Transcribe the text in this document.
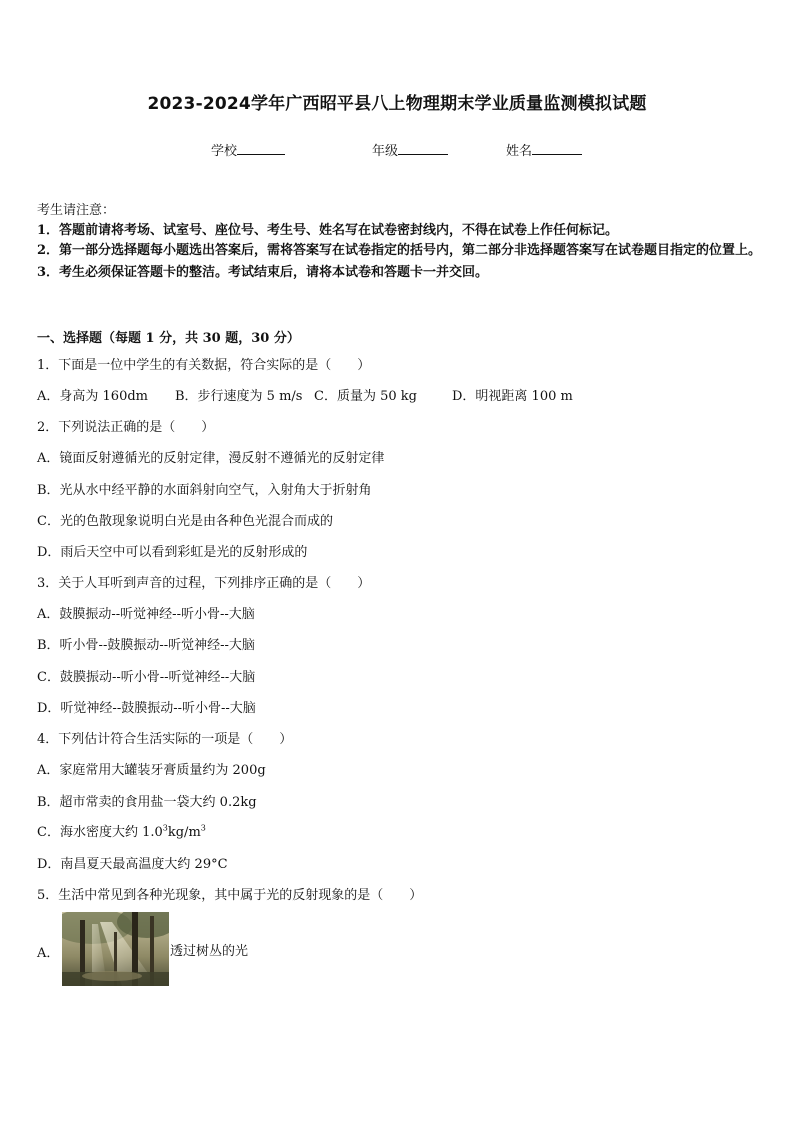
2023-2024学年广西昭平县八上物理期末学业质量监测模拟试题
学校	年级	姓名

考生请注意：

1．答题前请将考场、试室号、座位号、考生号、姓名写在试卷密封线内，不得在试卷上作任何标记。

2．第一部分选择题每小题选出答案后，需将答案写在试卷指定的括号内，第二部分非选择题答案写在试卷题目指定的位置上。

3．考生必须保证答题卡的整洁。考试结束后，请将本试卷和答题卡一并交回。

一、选择题（每题 1 分，共 30 题，30 分）
1．下面是一位中学生的有关数据，符合实际的是（　　）
A．身高为 160dm B．步行速度为 5 m/s C．质量为 50 kg	D．明视距离 100 m
2．下列说法正确的是（　　）
A．镜面反射遵循光的反射定律，漫反射不遵循光的反射定律
B．光从水中经平静的水面斜射向空气，入射角大于折射角
C．光的色散现象说明白光是由各种色光混合而成的
D．雨后天空中可以看到彩虹是光的反射形成的
3．关于人耳听到声音的过程，下列排序正确的是（　　）
A．鼓膜振动--听觉神经--听小骨--大脑
B．听小骨--鼓膜振动--听觉神经--大脑
C．鼓膜振动--听小骨--听觉神经--大脑
D．听觉神经--鼓膜振动--听小骨--大脑
4．下列估计符合生活实际的一项是（　　）
A．家庭常用大罐装牙膏质量约为 200g
B．超市常卖的食用盐一袋大约 0.2kg
C．海水密度大约 $1.0^3kg/m^3$
D．南昌夏天最高温度大约 29°C
5．生活中常见到各种光现象，其中属于光的反射现象的是（　　）
A．	透过树丛的光
